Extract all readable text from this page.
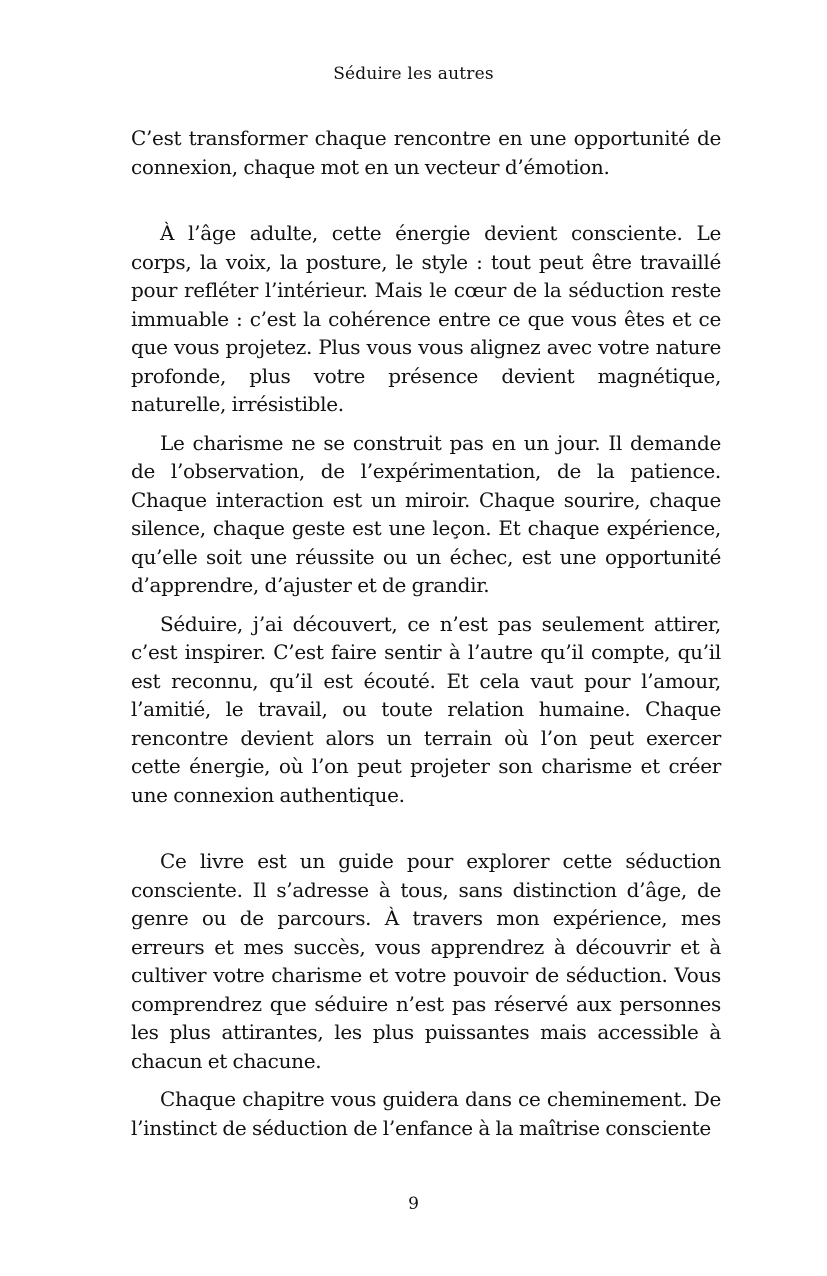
Séduire les autres

C’est transformer chaque rencontre en une opportunité de connexion, chaque mot en un vecteur d’émotion.

À l’âge adulte, cette énergie devient consciente. Le corps, la voix, la posture, le style : tout peut être travaillé pour refléter l’intérieur. Mais le cœur de la séduction reste immuable : c’est la cohérence entre ce que vous êtes et ce que vous projetez. Plus vous vous alignez avec votre nature profonde, plus votre présence devient magnétique, naturelle, irrésistible.

Le charisme ne se construit pas en un jour. Il demande de l’observation, de l’expérimentation, de la patience. Chaque interaction est un miroir. Chaque sourire, chaque silence, chaque geste est une leçon. Et chaque expérience, qu’elle soit une réussite ou un échec, est une opportunité d’apprendre, d’ajuster et de grandir.

Séduire, j’ai découvert, ce n’est pas seulement attirer, c’est inspirer. C’est faire sentir à l’autre qu’il compte, qu’il est reconnu, qu’il est écouté. Et cela vaut pour l’amour, l’amitié, le travail, ou toute relation humaine. Chaque rencontre devient alors un terrain où l’on peut exercer cette énergie, où l’on peut projeter son charisme et créer une connexion authentique.

Ce livre est un guide pour explorer cette séduction consciente. Il s’adresse à tous, sans distinction d’âge, de genre ou de parcours. À travers mon expérience, mes erreurs et mes succès, vous apprendrez à découvrir et à cultiver votre charisme et votre pouvoir de séduction. Vous comprendrez que séduire n’est pas réservé aux personnes les plus attirantes, les plus puissantes mais accessible à chacun et chacune.

Chaque chapitre vous guidera dans ce cheminement. De l’instinct de séduction de l’enfance à la maîtrise consciente

9
